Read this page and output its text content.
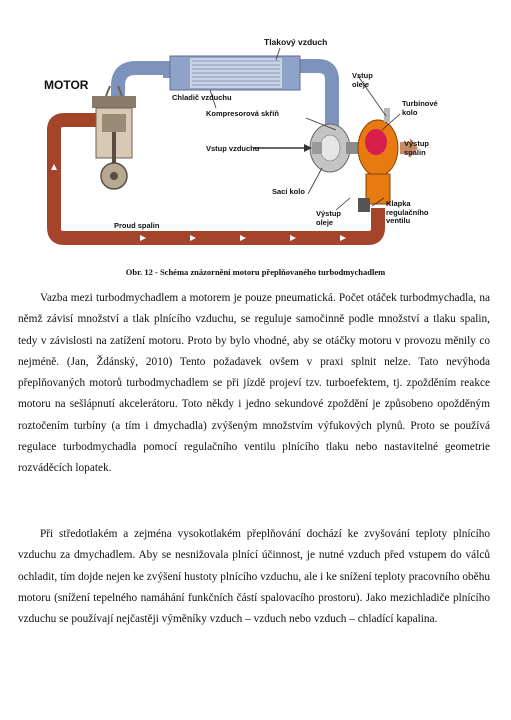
MOTOR
Tlakový vzduch
Chladič vzduchu
Vstup oleje
Turbínové kolo
Kompresorová skříň
Vstup vzduchu
Výstup spalin
Sací kolo
Klapka regulačního ventilu
Výstup oleje
Proud spalin
Obr. 12 - Schéma znázornění motoru přeplňovaného turbodmychadlem

Vazba mezi turbodmychadlem a motorem je pouze pneumatická. Počet otáček turbodmychadla, na němž závisí množství a tlak plnícího vzduchu, se reguluje samočinně podle množství a tlaku spalin, tedy v závislosti na zatížení motoru. Proto by bylo vhodné, aby se otáčky motoru v provozu měnily co nejméně. (Jan, Ždánský, 2010) Tento požadavek ovšem v praxi splnit nelze. Tato nevýhoda přeplňovaných motorů turbodmychadlem se při jízdě projeví tzv. turboefektem, tj. zpožděním reakce motoru na sešlápnutí akcelerátoru. Toto někdy i jedno sekundové zpoždění je způsobeno opožděným roztočením turbíny (a tím i dmychadla) zvýšeným množstvím výfukových plynů. Proto se používá regulace turbodmychadla pomocí regulačního ventilu plnícího tlaku nebo nastavitelné geometrie rozváděcích lopatek.

Při středotlakém a zejména vysokotlakém přeplňování dochází ke zvyšování teploty plnícího vzduchu za dmychadlem. Aby se nesnižovala plnící účinnost, je nutné vzduch před vstupem do válců ochladit, tím dojde nejen ke zvýšení hustoty plnícího vzduchu, ale i ke snížení teploty pracovního oběhu motoru (snížení tepelného namáhání funkčních částí spalovacího prostoru). Jako mezichladiče plnícího vzduchu se používají nejčastěji výměníky vzduch – vzduch nebo vzduch – chladící kapalina.
